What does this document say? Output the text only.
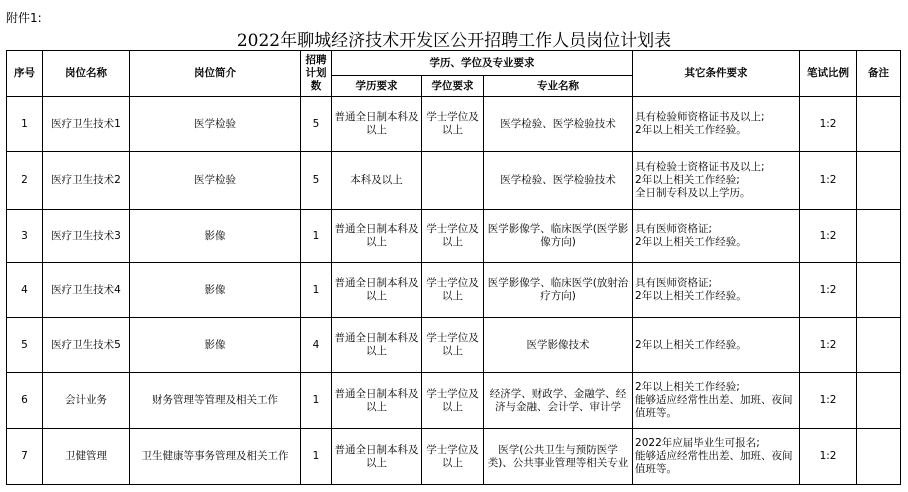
附件1:
2022年聊城经济技术开发区公开招聘工作人员岗位计划表
序号	岗位名称	岗位简介	招聘计划数	学历、学位及专业要求			其它条件要求	笔试比例	备注
				学历要求	学位要求	专业名称			
1	医疗卫生技术1	医学检验	5	普通全日制本科及以上	学士学位及以上	医学检验、医学检验技术	具有检验师资格证书及以上;
2年以上相关工作经验。	1:2	
2	医疗卫生技术2	医学检验	5	本科及以上		医学检验、医学检验技术	具有检验士资格证书及以上;
2年以上相关工作经验;
全日制专科及以上学历。	1:2	
3	医疗卫生技术3	影像	1	普通全日制本科及以上	学士学位及以上	医学影像学、临床医学(医学影像方向)	具有医师资格证;
2年以上相关工作经验。	1:2	
4	医疗卫生技术4	影像	1	普通全日制本科及以上	学士学位及以上	医学影像学、临床医学(放射治疗方向)	具有医师资格证;
2年以上相关工作经验。	1:2	
5	医疗卫生技术5	影像	4	普通全日制本科及以上	学士学位及以上	医学影像技术	2年以上相关工作经验。	1:2	
6	会计业务	财务管理等管理及相关工作	1	普通全日制本科及以上	学士学位及以上	经济学、财政学、金融学、经济与金融、会计学、审计学	2年以上相关工作经验;
能够适应经常性出差、加班、夜间值班等。	1:2	
7	卫健管理	卫生健康等事务管理及相关工作	1	普通全日制本科及以上	学士学位及以上	医学(公共卫生与预防医学类)、公共事业管理等相关专业	2022年应届毕业生可报名;
能够适应经常性出差、加班、夜间值班等。	1:2	
